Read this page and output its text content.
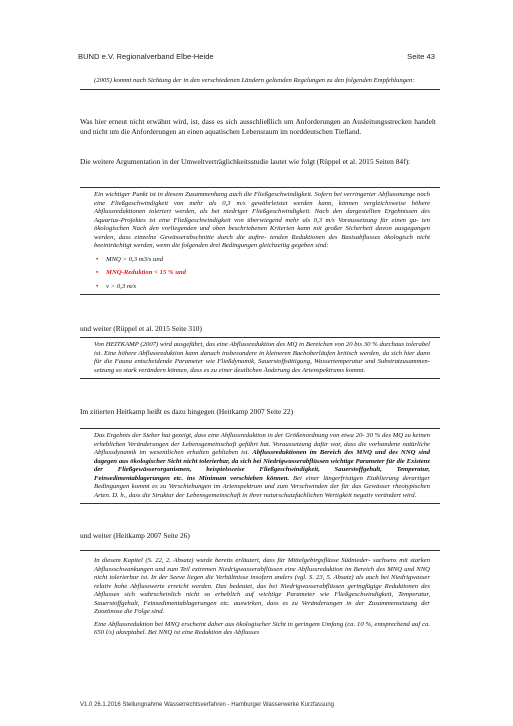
BUND e.V. Regionalverband Elbe-Heide	Seite 43

(2005) kommt nach Sichtung der in den verschiedenen Ländern geltenden Regelungen zu den folgenden Empfehlungen:

Was hier erneut nicht erwähnt wird, ist, dass es sich ausschließlich um Anforderungen an Ausleitungsstrecken handelt und nicht um die Anforderungen an einen aquatischen Lebensraum im norddeutschen Tiefland.
Die weitere Argumentation in der Umweltverträglichkeitsstudie lautet wie folgt (Rüppel et al. 2015 Seiten 84f):

Ein wichtiger Punkt ist in diesem Zusammenhang auch die Fließgeschwindigkeit. Sofern bei verringerter Abflussmenge noch eine Fließgeschwindigkeit von mehr als 0,3 m/s gewährleistet werden kann, können vergleichsweise höhere Abflussreduktionen toleriert werden, als bei niedriger Fließgeschwindigkeit. Nach den dargestellten Ergebnissen des Aquarius-Projektes ist eine Fließgeschwindigkeit von überwiegend mehr als 0,3 m/s Voraussetzung für einen gu- ten ökologischen Nach den vorliegenden und oben beschriebenen Kriterien kann mit großer Sicherheit davon ausgegangen werden, dass einzelne Gewässerabschnitte durch die auftre- tenden Reduktionen des Basisabflusses ökologisch nicht beeinträchtigt werden, wenn die folgenden drei Bedingungen gleichzeitig gegeben sind:

• MNQ > 0,3 m3/s und
• MNQ-Reduktion < 15 % und
• v > 0,3 m/s
und weiter (Rüppel et al. 2015 Seite 310)

Von HEITKAMP (2007) wird ausgeführt, das eine Abflussreduktion des MQ in Bereichen von 20 bis 30 % durchaus tolerabel ist. Eine höhere Abflussreduktion kann danach insbesondere in kleineren Bachoberläufen kritisch werden, da sich hier dann für die Fauna entscheidende Parameter wie Fließdynamik, Sauerstoffsättigung, Wassertemperatur und Substratzusammen- setzung so stark verändern können, dass es zu einer deutlichen Änderung des Artenspektrums kommt.

Im zitierten Heitkamp heißt es dazu hingegen (Heitkamp 2007 Seite 22)

Das Ergebnis der Sieber hat gezeigt, dass eine Abflussreduktion in der Größenordnung von etwa 20- 30 % des MQ zu keinen erheblichen Veränderungen der Lebensgemeinschaft geführt hat. Voraussetzung dafür war, dass die vorhandene natürliche Abflussdynamik im wesentlichen erhalten geblieben ist. Abflussreduktionen im Bereich des MNQ und des NNQ sind dagegen aus ökologischer Sicht nicht tolerierbar, da sich bei Niedrigwasserabflüssen wichtige Parameter für die Existenz der Fließgewässerorganismen, beispielsweise Fließgeschwindigkeit, Sauerstoffgehalt, Temperatur, Feinsedimentablagerungen etc. ins Minimum verschieben können. Bei einer längerfristigen Etablierung derartiger Bedingungen kommt es zu Verschiebungen im Artenspektrum und zum Verschwinden der für das Gewässer rheotypischen Arten. D. h., dass die Struktur der Lebensgemeinschaft in ihrer naturschutzfachlichen Wertigkeit negativ verändert wird.

und weiter (Heitkamp 2007 Seite 26)

In diesem Kapitel (S. 22, 2. Absatz) wurde bereits erläutert, dass für Mittelgebirgsflüsse Südnieder- sachsens mit starken Abflussschwankungen und zum Teil extremen Niedrigwasserabflüssen eine Abflussreduktion im Bereich des MNQ und NNQ nicht tolerierbar ist. In der Seeve liegen die Verhältnisse insofern anders (vgl. S. 23, 5. Absatz) als auch bei Niedrigwasser relativ hohe Abflusswerte erreicht werden. Das bedeutet, das bei Niedrigwasserabflüssen geringfügige Reduktionen des Abflusses sich wahrscheinlich nicht so erheblich auf wichtige Parameter wie Fließgeschwindigkeit, Temperatur, Sauerstoffgehalt, Feinsedimentablagerungen etc. auswirken, dass es zu Veränderungen in der Zusammensetzung der Zoozönose die Folge sind.

Eine Abflussreduktion bei MNQ erscheint daher aus ökologischer Sicht in geringem Umfang (ca. 10 %, entsprechend auf ca. 650 l/s) akzeptabel. Bei NNQ ist eine Reduktion des Abflusses

V1.0 26.1.2016 Stellungnahme Wasserrechtsverfahren - Hamburger Wasserwerke Kurzfassung
